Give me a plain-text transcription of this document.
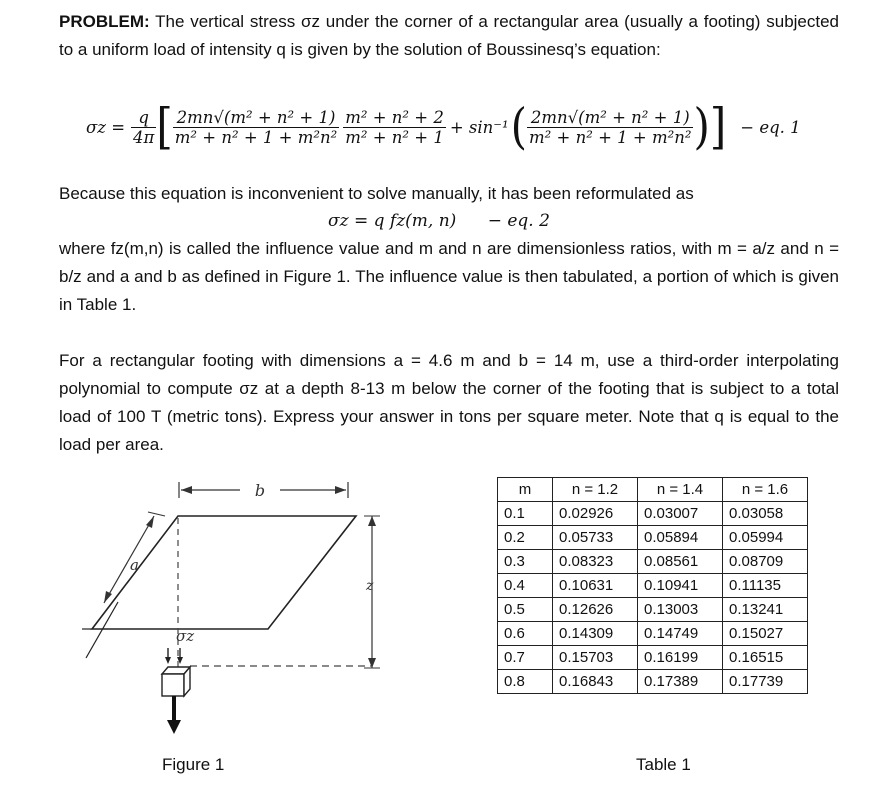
PROBLEM: The vertical stress σz under the corner of a rectangular area (usually a footing) subjected to a uniform load of intensity q is given by the solution of Boussinesq’s equation:
$\sigma z = \frac{q}{4\pi}$ [ $\frac{\text{2mn√(m² + n² + 1)}}{\text{m² + n² + 1 + m²n²}} \frac{\text{m² + n² + 2}}{\text{m² + n² + 1}} + \sin^{-1}$ ( $\frac{\text{2mn√(m² + n² + 1)}}{\text{m² + n² + 1 + m²n²}}$ ) ] − eq. 1
Because this equation is inconvenient to solve manually, it has been reformulated as
σz = q fz(m, n) − eq. 2
where fz(m,n) is called the influence value and m and n are dimensionless ratios, with m = a/z and n = b/z and a and b as defined in Figure 1. The influence value is then tabulated, a portion of which is given in Table 1.
For a rectangular footing with dimensions a = 4.6 m and b = 14 m, use a third-order interpolating polynomial to compute σz at a depth 8-13 m below the corner of the footing that is subject to a total load of 100 T (metric tons). Express your answer in tons per square meter. Note that q is equal to the load per area.
b
a
z
σz
Figure 1
m	n = 1.2	n = 1.4	n = 1.6
0.1	0.02926	0.03007	0.03058
0.2	0.05733	0.05894	0.05994
0.3	0.08323	0.08561	0.08709
0.4	0.10631	0.10941	0.11135
0.5	0.12626	0.13003	0.13241
0.6	0.14309	0.14749	0.15027
0.7	0.15703	0.16199	0.16515
0.8	0.16843	0.17389	0.17739
Table 1
